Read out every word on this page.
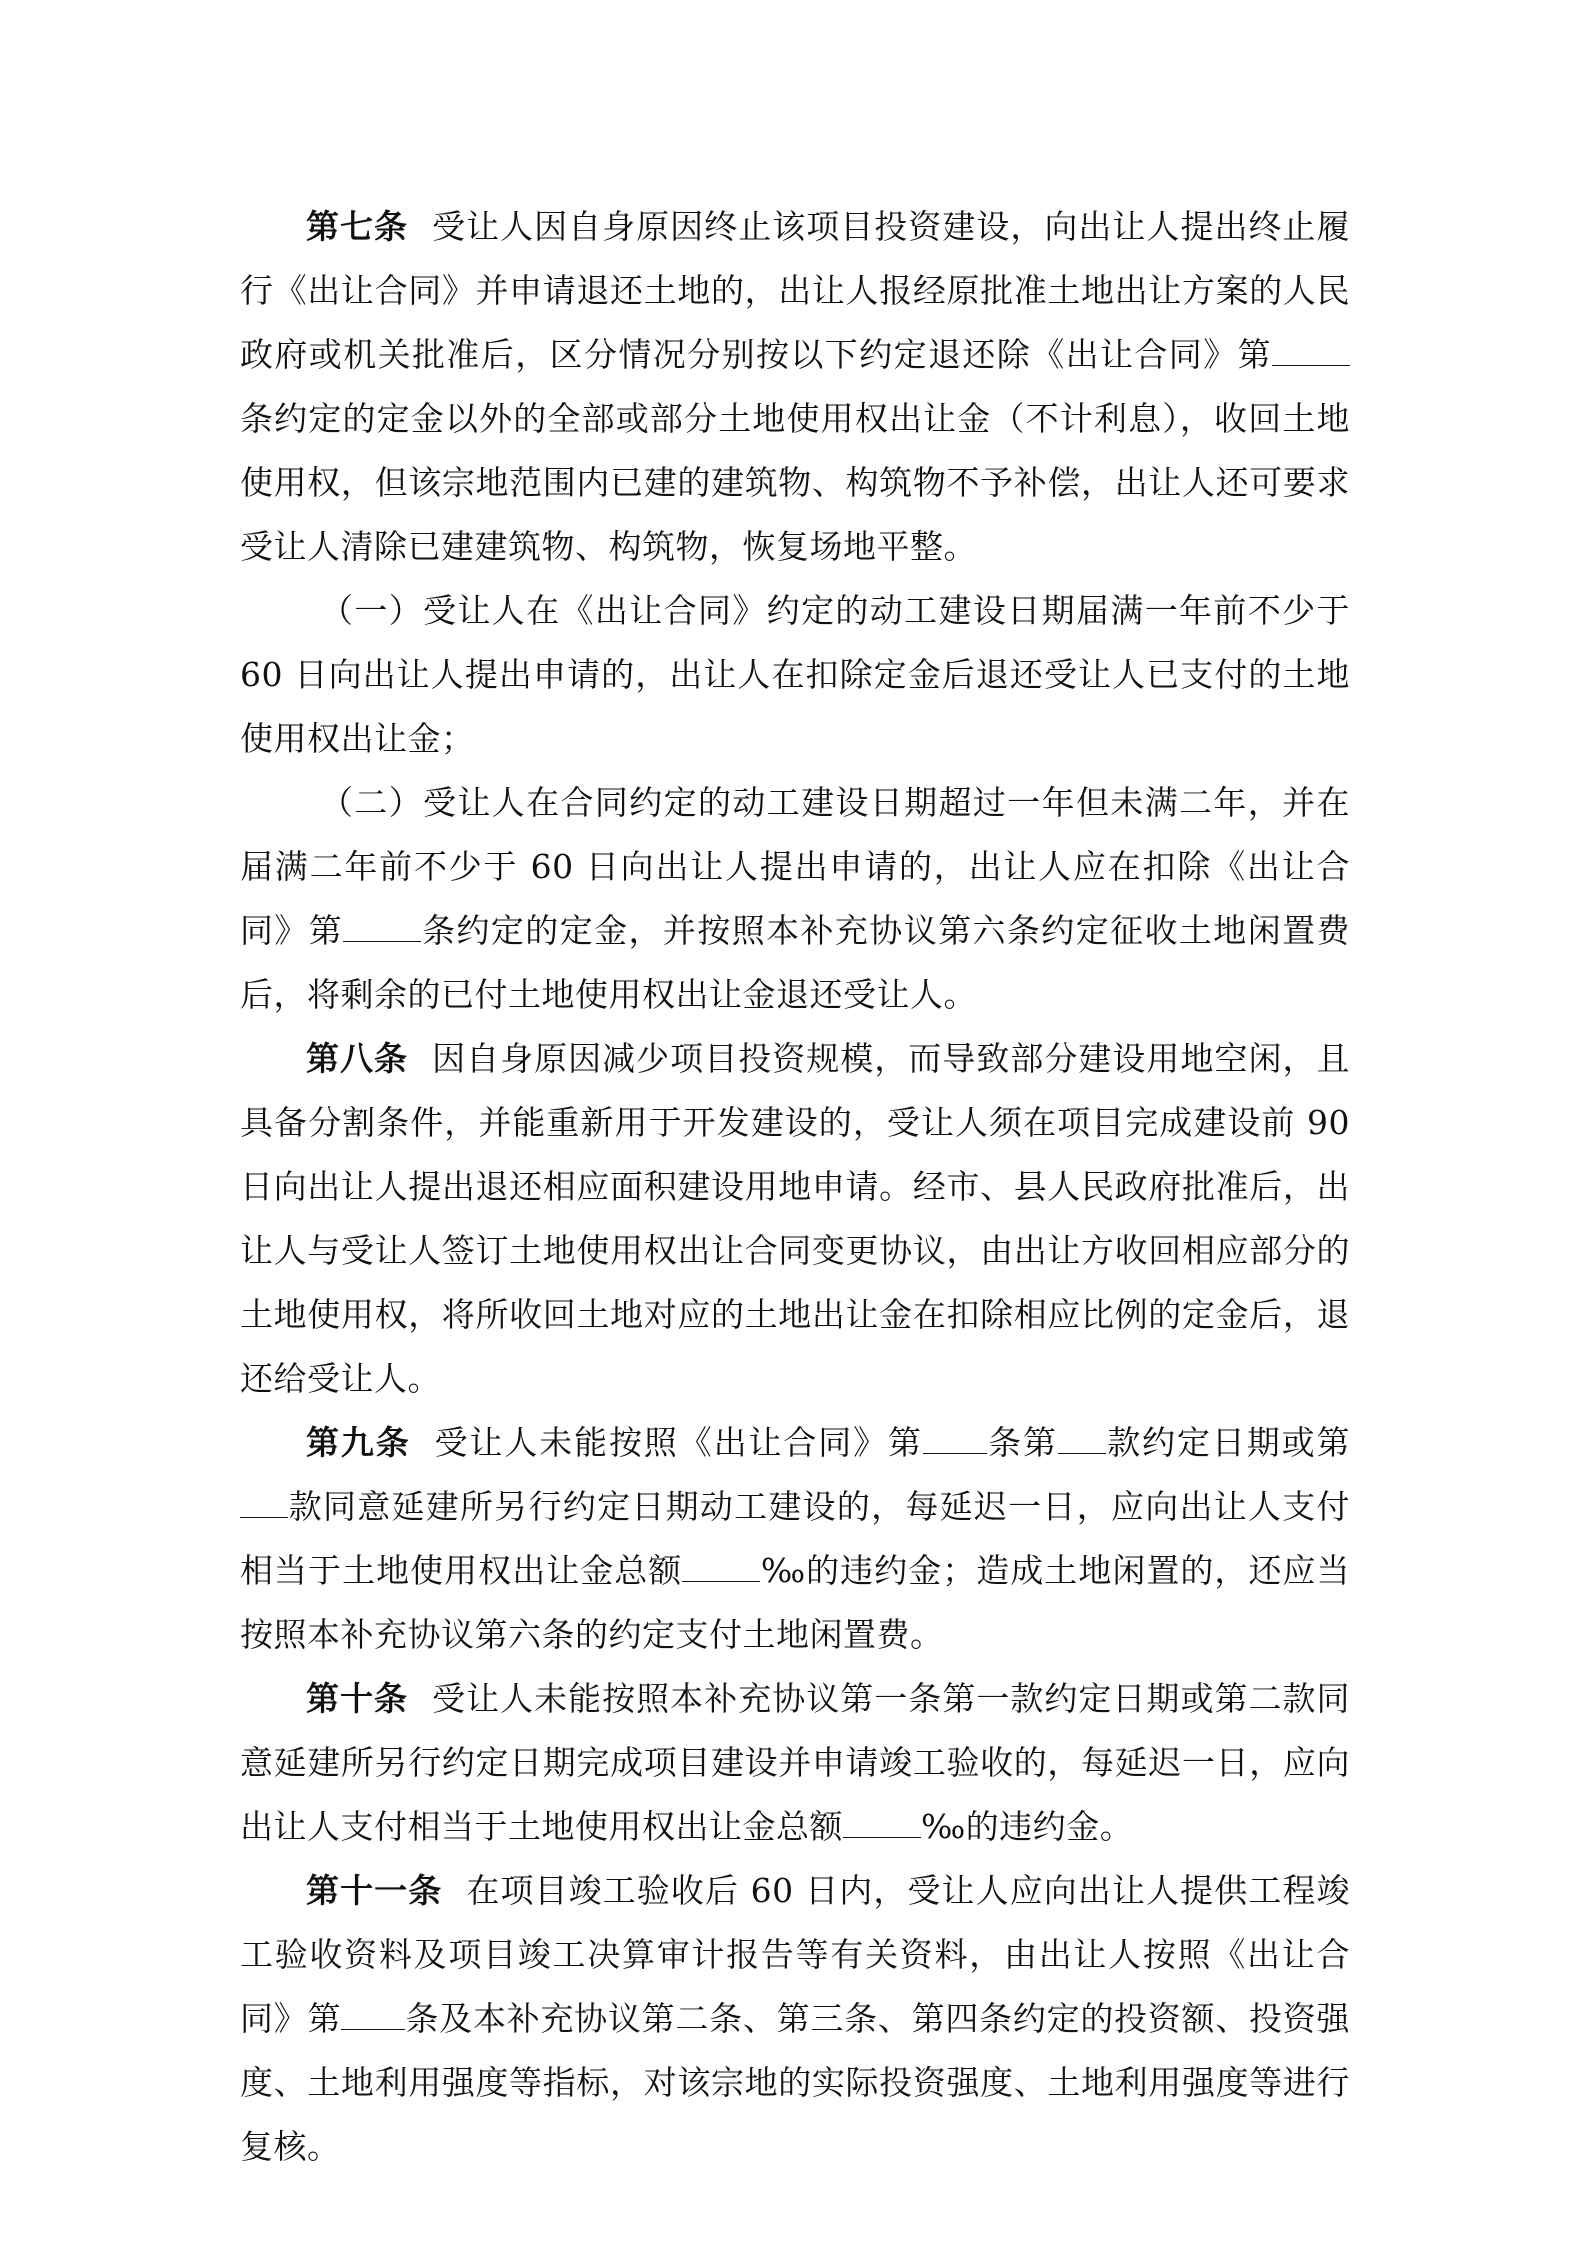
第七条 受让人因自身原因终止该项目投资建设，向出让人提出终止履行《出让合同》并申请退还土地的，出让人报经原批准土地出让方案的人民政府或机关批准后，区分情况分别按以下约定退还除《出让合同》第条约定的定金以外的全部或部分土地使用权出让金（不计利息），收回土地使用权，但该宗地范围内已建的建筑物、构筑物不予补偿，出让人还可要求受让人清除已建建筑物、构筑物，恢复场地平整。

（一）受让人在《出让合同》约定的动工建设日期届满一年前不少于 60 日向出让人提出申请的，出让人在扣除定金后退还受让人已支付的土地使用权出让金；

（二）受让人在合同约定的动工建设日期超过一年但未满二年，并在届满二年前不少于 60 日向出让人提出申请的，出让人应在扣除《出让合同》第 条约定的定金，并按照本补充协议第六条约定征收土地闲置费后，将剩余的已付土地使用权出让金退还受让人。

第八条 因自身原因减少项目投资规模，而导致部分建设用地空闲，且具备分割条件，并能重新用于开发建设的，受让人须在项目完成建设前 90 日向出让人提出退还相应面积建设用地申请。经市、县人民政府批准后，出让人与受让人签订土地使用权出让合同变更协议，由出让方收回相应部分的土地使用权，将所收回土地对应的土地出让金在扣除相应比例的定金后，退还给受让人。

第九条 受让人未能按照《出让合同》第 条第 款约定日期或第款同意延建所另行约定日期动工建设的，每延迟一日，应向出让人支付相当于土地使用权出让金总额 ‰的违约金；造成土地闲置的，还应当按照本补充协议第六条的约定支付土地闲置费。

第十条 受让人未能按照本补充协议第一条第一款约定日期或第二款同意延建所另行约定日期完成项目建设并申请竣工验收的，每延迟一日，应向出让人支付相当于土地使用权出让金总额 ‰的违约金。

第十一条 在项目竣工验收后 60 日内，受让人应向出让人提供工程竣工验收资料及项目竣工决算审计报告等有关资料，由出让人按照《出让合同》第 条及本补充协议第二条、第三条、第四条约定的投资额、投资强度、土地利用强度等指标，对该宗地的实际投资强度、土地利用强度等进行复核。
